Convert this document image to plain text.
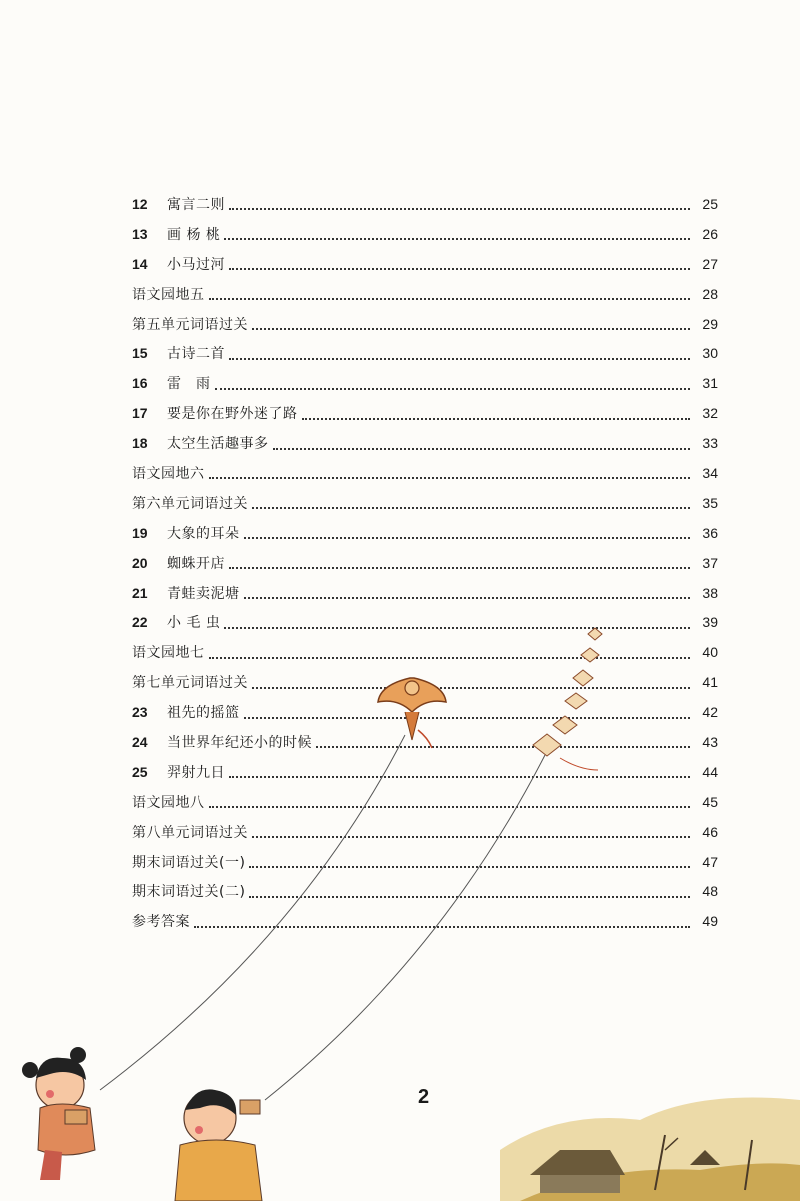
12	寓言二则	25
13	画 杨 桃	26
14	小马过河	27
语文园地五	28
第五单元词语过关	29
15	古诗二首	30
16	雷　雨	31
17	要是你在野外迷了路	32
18	太空生活趣事多	33
语文园地六	34
第六单元词语过关	35
19	大象的耳朵	36
20	蜘蛛开店	37
21	青蛙卖泥塘	38
22	小 毛 虫	39
语文园地七	40
第七单元词语过关	41
23	祖先的摇篮	42
24	当世界年纪还小的时候	43
25	羿射九日	44
语文园地八	45
第八单元词语过关	46
期末词语过关(一)	47
期末词语过关(二)	48
参考答案	49
2
